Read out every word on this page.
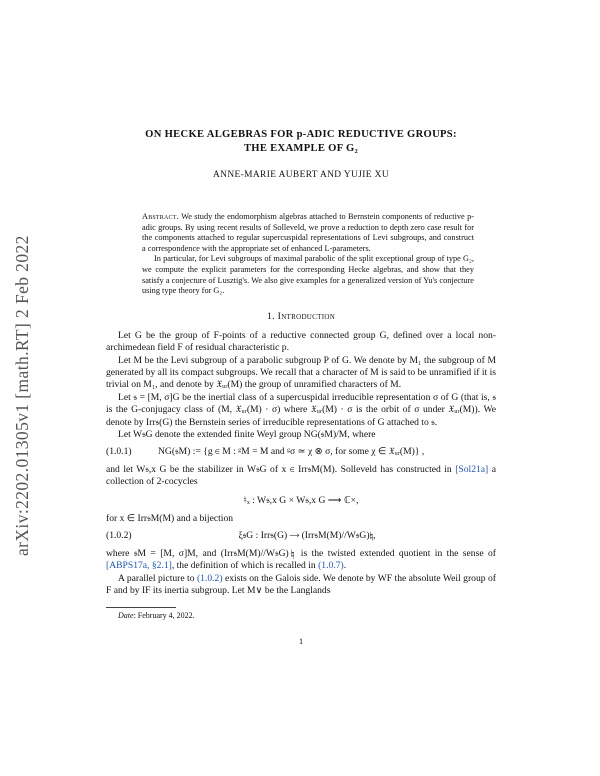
arXiv:2202.01305v1 [math.RT] 2 Feb 2022
ON HECKE ALGEBRAS FOR p-ADIC REDUCTIVE GROUPS:
THE EXAMPLE OF G₂
ANNE-MARIE AUBERT AND YUJIE XU

Abstract. We study the endomorphism algebras attached to Bernstein components of reductive p-adic groups. By using recent results of Solleveld, we prove a reduction to depth zero case result for the components attached to regular supercuspidal representations of Levi subgroups, and construct a correspondence with the appropriate set of enhanced L-parameters.

In particular, for Levi subgroups of maximal parabolic of the split exceptional group of type G₂, we compute the explicit parameters for the corresponding Hecke algebras, and show that they satisfy a conjecture of Lusztig's. We also give examples for a generalized version of Yu's conjecture using type theory for G₂.

1. Introduction

Let G be the group of F-points of a reductive connected group G, defined over a local non-archimedean field F of residual characteristic p.

Let M be the Levi subgroup of a parabolic subgroup P of G. We denote by M₁ the subgroup of M generated by all its compact subgroups. We recall that a character of M is said to be unramified if it is trivial on M₁, and denote by 𝔛ᵤᵣ(M) the group of unramified characters of M.

Let 𝔰 = [M, σ]G be the inertial class of a supercuspidal irreducible representation σ of G (that is, 𝔰 is the G-conjugacy class of (M, 𝔛ᵤᵣ(M) · σ) where 𝔛ᵤᵣ(M) · σ is the orbit of σ under 𝔛ᵤᵣ(M)). We denote by Irr𝔰(G) the Bernstein series of irreducible representations of G attached to 𝔰.

Let W𝔰G denote the extended finite Weyl group NG(𝔰M)/M, where

(1.0.1)	NG(𝔰M) := {g ∈ M : ᵍM = M and ᵍσ ≃ χ ⊗ σ, for some χ ∈ 𝔛ᵤᵣ(M)} ,

and let W𝔰,x G be the stabilizer in W𝔰G of x ∈ Irr𝔰M(M). Solleveld has constructed in [Sol21a] a collection of 2-cocycles

♮ₓ : W𝔰,x G × W𝔰,x G ⟶ ℂ×,

for x ∈ Irr𝔰M(M) and a bijection

(1.0.2)	ξ𝔰G : Irr𝔰(G) ⟶ (Irr𝔰M(M)//W𝔰G)♮,

where 𝔰M = [M, σ]M, and (Irr𝔰M(M)//W𝔰G)♮ is the twisted extended quotient in the sense of [ABPS17a, §2.1], the definition of which is recalled in (1.0.7).

A parallel picture to (1.0.2) exists on the Galois side. We denote by WF the absolute Weil group of F and by IF its inertia subgroup. Let M∨ be the Langlands

Date: February 4, 2022.
1
